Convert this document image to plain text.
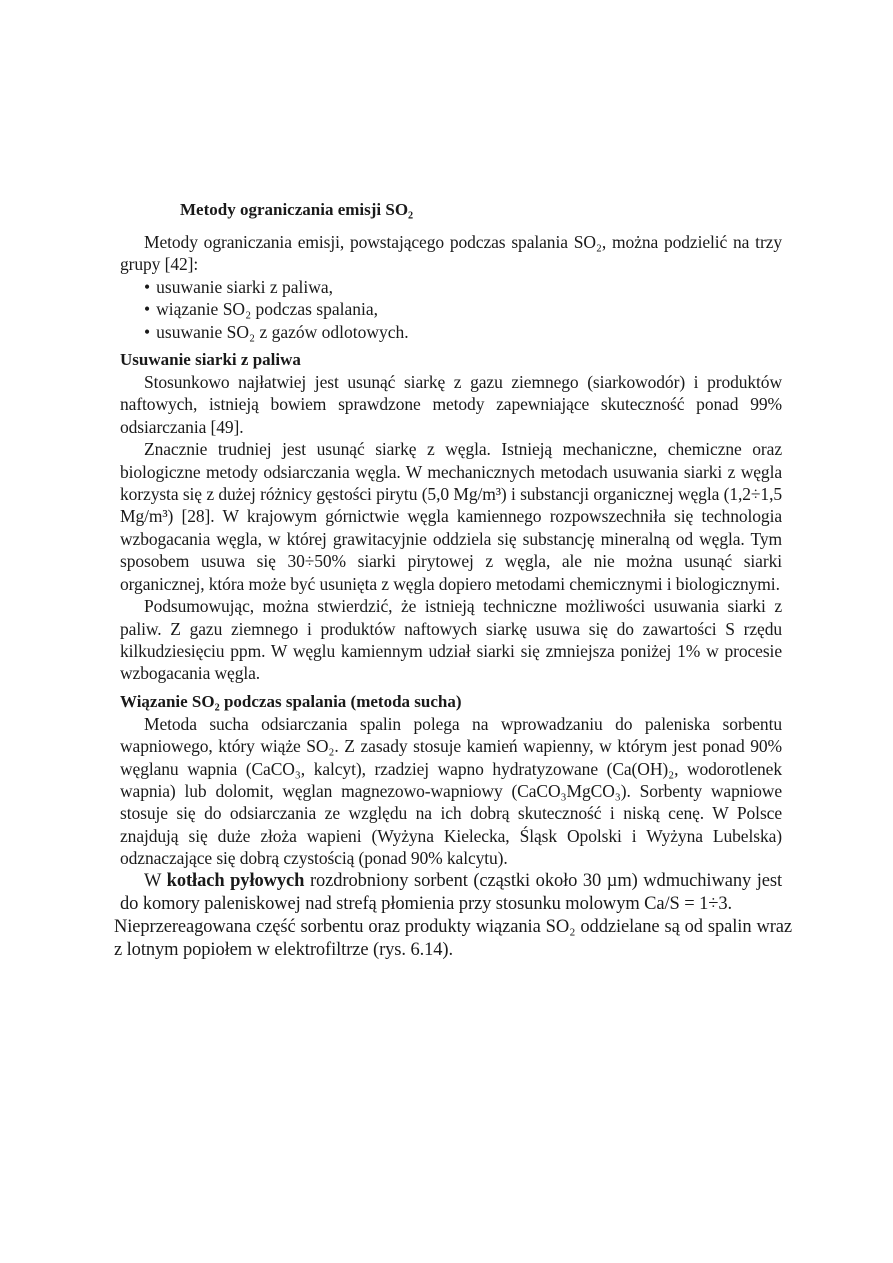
Metody ograniczania emisji SO₂

Metody ograniczania emisji, powstającego podczas spalania SO₂, można podzielić na trzy grupy [42]:

• usuwanie siarki z paliwa,
• wiązanie SO₂ podczas spalania,
• usuwanie SO₂ z gazów odlotowych.
Usuwanie siarki z paliwa

Stosunkowo najłatwiej jest usunąć siarkę z gazu ziemnego (siarkowodór) i produktów naftowych, istnieją bowiem sprawdzone metody zapewniające skuteczność ponad 99% odsiarczania [49].

Znacznie trudniej jest usunąć siarkę z węgla. Istnieją mechaniczne, chemiczne oraz biologiczne metody odsiarczania węgla. W mechanicznych metodach usuwania siarki z węgla korzysta się z dużej różnicy gęstości pirytu (5,0 Mg/m³) i substancji organicznej węgla (1,2÷1,5 Mg/m³) [28]. W krajowym górnictwie węgla kamiennego rozpowszechniła się technologia wzbogacania węgla, w której grawitacyjnie oddziela się substancję mineralną od węgla. Tym sposobem usuwa się 30÷50% siarki pirytowej z węgla, ale nie można usunąć siarki organicznej, która może być usunięta z węgla dopiero metodami chemicznymi i biologicznymi.

Podsumowując, można stwierdzić, że istnieją techniczne możliwości usuwania siarki z paliw. Z gazu ziemnego i produktów naftowych siarkę usuwa się do zawartości S rzędu kilkudziesięciu ppm. W węglu kamiennym udział siarki się zmniejsza poniżej 1% w procesie wzbogacania węgla.

Wiązanie SO₂ podczas spalania (metoda sucha)

Metoda sucha odsiarczania spalin polega na wprowadzaniu do paleniska sorbentu wapniowego, który wiąże SO₂. Z zasady stosuje kamień wapienny, w którym jest ponad 90% węglanu wapnia (CaCO₃, kalcyt), rzadziej wapno hydratyzowane (Ca(OH)₂, wodorotlenek wapnia) lub dolomit, węglan magnezowo-wapniowy (CaCO₃MgCO₃). Sorbenty wapniowe stosuje się do odsiarczania ze względu na ich dobrą skuteczność i niską cenę. W Polsce znajdują się duże złoża wapieni (Wyżyna Kielecka, Śląsk Opolski i Wyżyna Lubelska) odznaczające się dobrą czystością (ponad 90% kalcytu).

W kotłach pyłowych rozdrobniony sorbent (cząstki około 30 µm) wdmuchiwany jest do komory paleniskowej nad strefą płomienia przy stosunku molowym Ca/S = 1÷3.

Nieprzereagowana część sorbentu oraz produkty wiązania SO₂ oddzielane są od spalin wraz z lotnym popiołem w elektrofiltrze (rys. 6.14).
